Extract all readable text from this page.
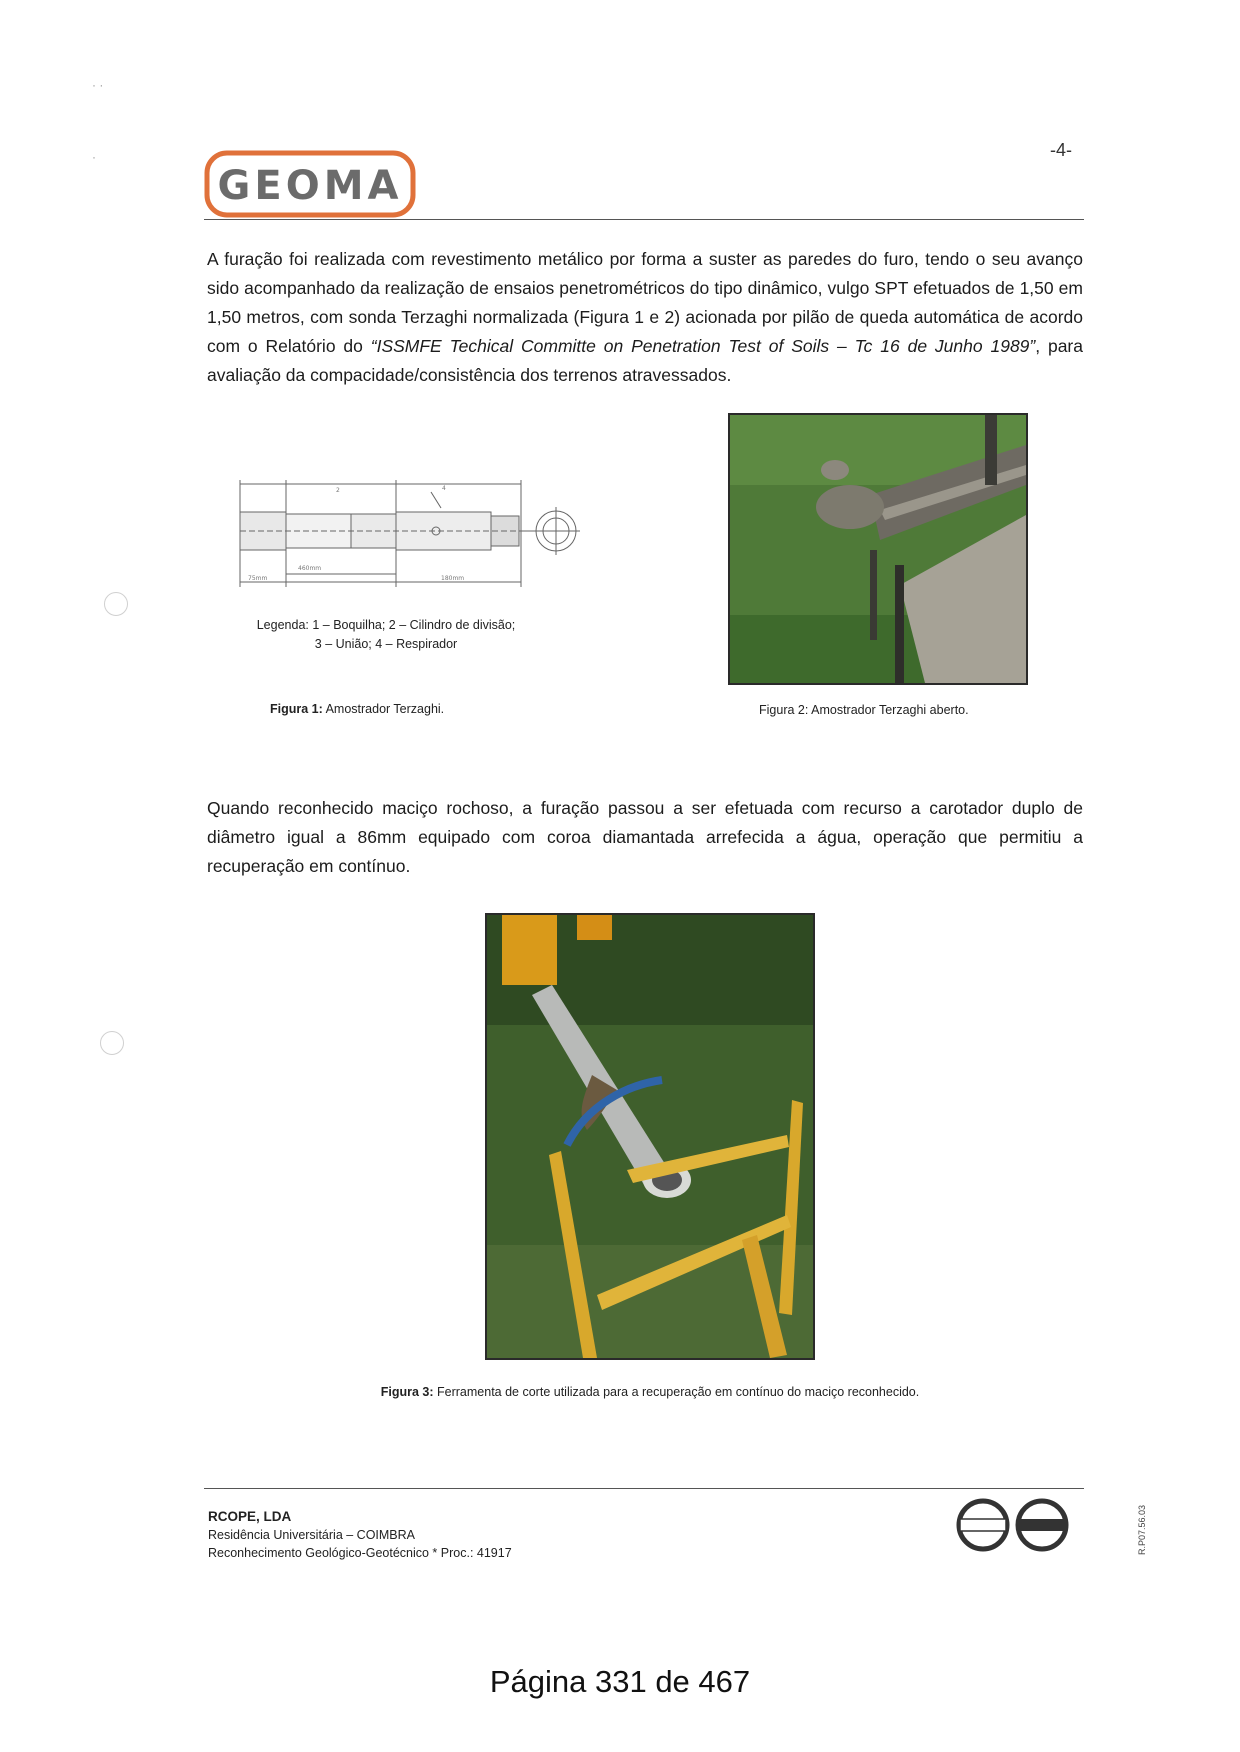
· ·
·	-4-
GEOMA
A furação foi realizada com revestimento metálico por forma a suster as paredes do furo, tendo o seu avanço sido acompanhado da realização de ensaios penetrométricos do tipo dinâmico, vulgo SPT efetuados de 1,50 em 1,50 metros, com sonda Terzaghi normalizada (Figura 1 e 2) acionada por pilão de queda automática de acordo com o Relatório do “ISSMFE Techical Committe on Penetration Test of Soils – Tc 16 de Junho 1989”, para avaliação da compacidade/consistência dos terrenos atravessados.
2	4
460mm
75mm	180mm
Legenda: 1 – Boquilha; 2 – Cilindro de divisão;
3 – União; 4 – Respirador
Figura 1: Amostrador Terzaghi.	Figura 2: Amostrador Terzaghi aberto.
Quando reconhecido maciço rochoso, a furação passou a ser efetuada com recurso a carotador duplo de diâmetro igual a 86mm equipado com coroa diamantada arrefecida a água, operação que permitiu a recuperação em contínuo.
Figura 3: Ferramenta de corte utilizada para a recuperação em contínuo do maciço reconhecido.
RCOPE, LDA
Residência Universitária – COIMBRA
Reconhecimento Geológico-Geotécnico * Proc.: 41917	R.P07.56.03
Página 331 de 467
